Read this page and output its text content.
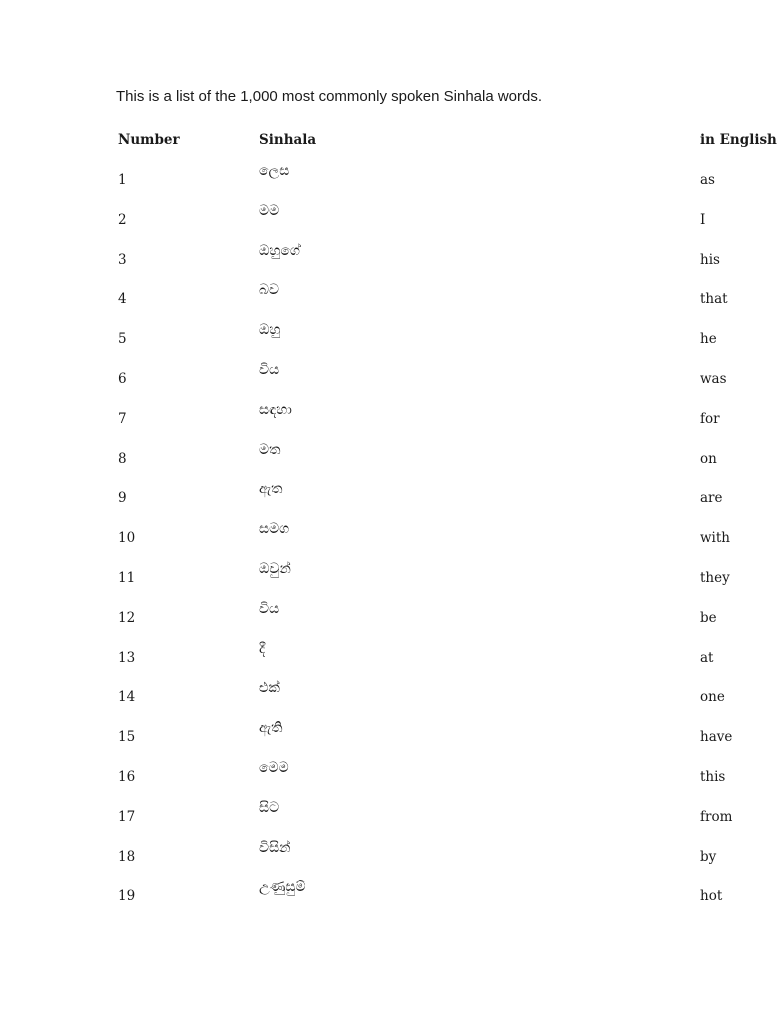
This is a list of the 1,000 most commonly spoken Sinhala words.
Number	Sinhala	in English
1
ලෙස
as
2
මම
I
3
ඔහුගේ
his
4
බව
that
5
ඔහු
he
6
විය
was
7
සඳහා
for
8
මත
on
9
ඇත
are
10
සමග
with
11
ඔවුන්
they
12
විය
be
13
දී
at
14
එක්
one
15
ඇති
have
16
මෙම
this
17
සිට
from
18
විසින්
by
19
උණුසුම්
hot
